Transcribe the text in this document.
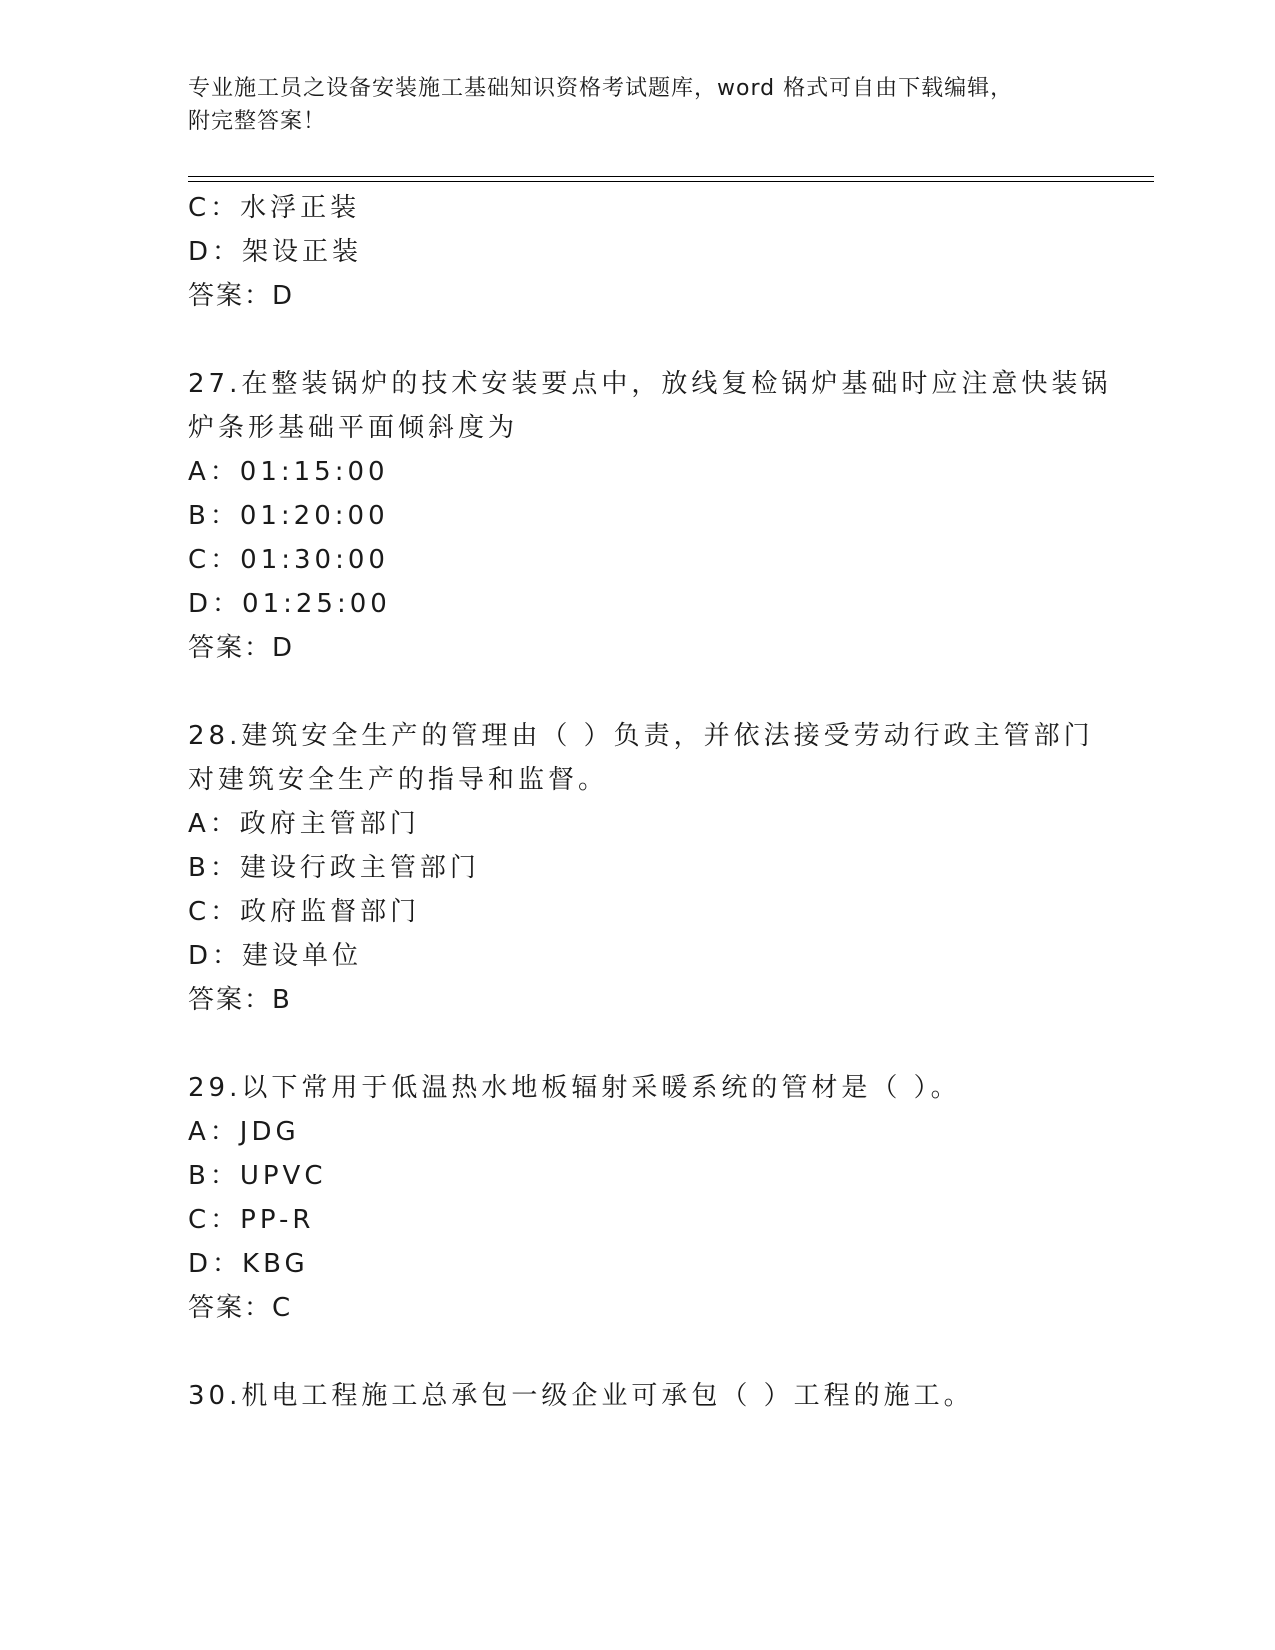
专业施工员之设备安装施工基础知识资格考试题库，word 格式可自由下载编辑，
附完整答案！
C：水浮正装
D：架设正装
答案：D
27.在整装锅炉的技术安装要点中，放线复检锅炉基础时应注意快装锅
炉条形基础平面倾斜度为
A：01:15:00
B：01:20:00
C：01:30:00
D：01:25:00
答案：D
28.建筑安全生产的管理由（ ）负责，并依法接受劳动行政主管部门
对建筑安全生产的指导和监督。
A：政府主管部门
B：建设行政主管部门
C：政府监督部门
D：建设单位
答案：B
29.以下常用于低温热水地板辐射采暖系统的管材是（ ）。
A：JDG
B：UPVC
C：PP-R
D：KBG
答案：C
30.机电工程施工总承包一级企业可承包（ ）工程的施工。
